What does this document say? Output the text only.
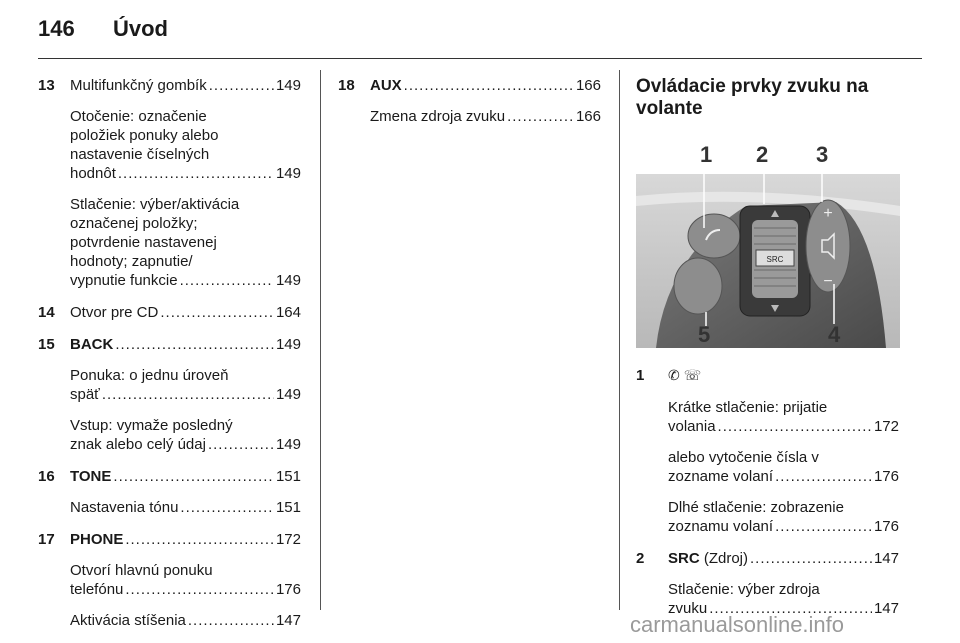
146 Úvod
13 Multifunkčný gombík .....	149
Otočenie: označenie
položiek ponuky alebo
nastavenie číselných
hodnôt .....	149
Stlačenie: výber/aktivácia
označenej položky;
potvrdenie nastavenej
hodnoty; zapnutie/
vypnutie funkcie .....	149
14 Otvor pre CD .....	164
15 BACK .....	149
Ponuka: o jednu úroveň
späť .....	149
Vstup: vymaže posledný
znak alebo celý údaj .....	149
16 TONE .....	151
Nastavenia tónu .....	151
17 PHONE .....	172
Otvorí hlavnú ponuku
telefónu .....	176
Aktivácia stíšenia .....	147
18 AUX .....	166
Zmena zdroja zvuku .....	166
Ovládacie prvky zvuku na volante
SRC
+
−
1 2 3
4
5
1 ✆☏
Krátke stlačenie: prijatie
volania .....	172
alebo vytočenie čísla v
zozname volaní .....	176
Dlhé stlačenie: zobrazenie
zoznamu volaní .....	176
2 SRC (Zdroj) .....	147
Stlačenie: výber zdroja
zvuku .....	147
carmanualsonline.info
